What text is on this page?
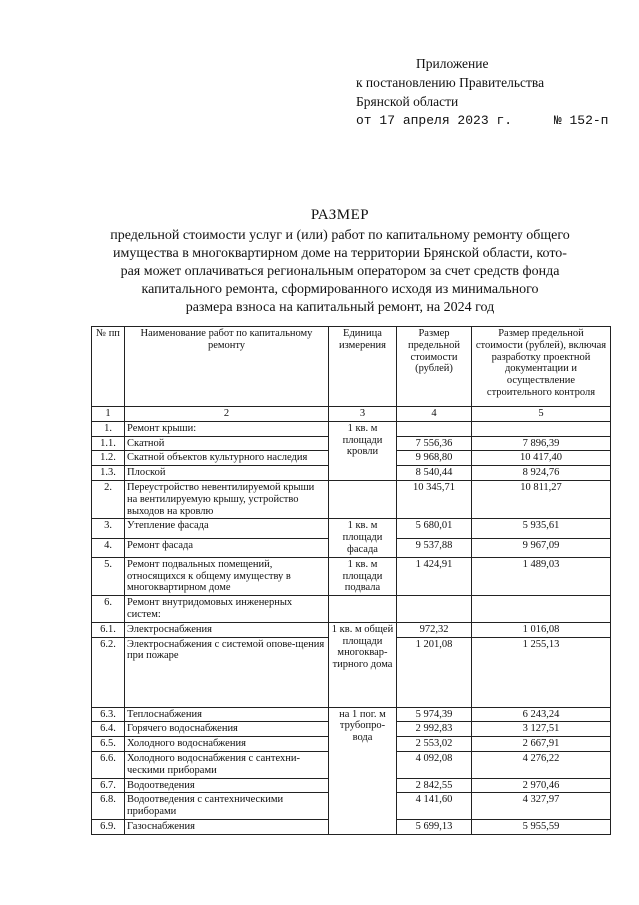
Приложение
к постановлению Правительства
Брянской области
от 17 апреля 2023 г.	№ 152-п
РАЗМЕР
предельной стоимости услуг и (или) работ по капитальному ремонту общего
имущества в многоквартирном доме на территории Брянской области, кото-
рая может оплачиваться региональным оператором за счет средств фонда
капитального ремонта, сформированного исходя из минимального
размера взноса на капитальный ремонт, на 2024 год
№ пп	Наименование работ по капитальному ремонту	Единица измерения	Размер предельной стоимости (рублей)	Размер предельной стоимости (рублей), включая разработку проектной документации и осуществление строительного контроля
1	2	3	4	5
1.	Ремонт крыши:	1 кв. м площади кровли		
1.1.	Скатной		7 556,36	7 896,39
1.2.	Скатной объектов культурного наследия		9 968,80	10 417,40
1.3.	Плоской		8 540,44	8 924,76
2.	Переустройство невентилируемой крыши на вентилируемую крышу, устройство выходов на кровлю		10 345,71	10 811,27
3.	Утепление фасада	1 кв. м площади фасада	5 680,01	5 935,61
4.	Ремонт фасада		9 537,88	9 967,09
5.	Ремонт подвальных помещений, относящихся к общему имуществу в многоквартирном доме	1 кв. м площади подвала	1 424,91	1 489,03
6.	Ремонт внутридомовых инженерных систем:			
6.1.	Электроснабжения	1 кв. м общей площади многоквар-тирного дома	972,32	1 016,08
6.2.	Электроснабжения с системой опове-щения при пожаре		1 201,08	1 255,13
6.3.	Теплоснабжения	на 1 пог. м трубопро-вода	5 974,39	6 243,24
6.4.	Горячего водоснабжения		2 992,83	3 127,51
6.5.	Холодного водоснабжения		2 553,02	2 667,91
6.6.	Холодного водоснабжения с сантехни-ческими приборами		4 092,08	4 276,22
6.7.	Водоотведения		2 842,55	2 970,46
6.8.	Водоотведения с сантехническими приборами		4 141,60	4 327,97
6.9.	Газоснабжения		5 699,13	5 955,59
